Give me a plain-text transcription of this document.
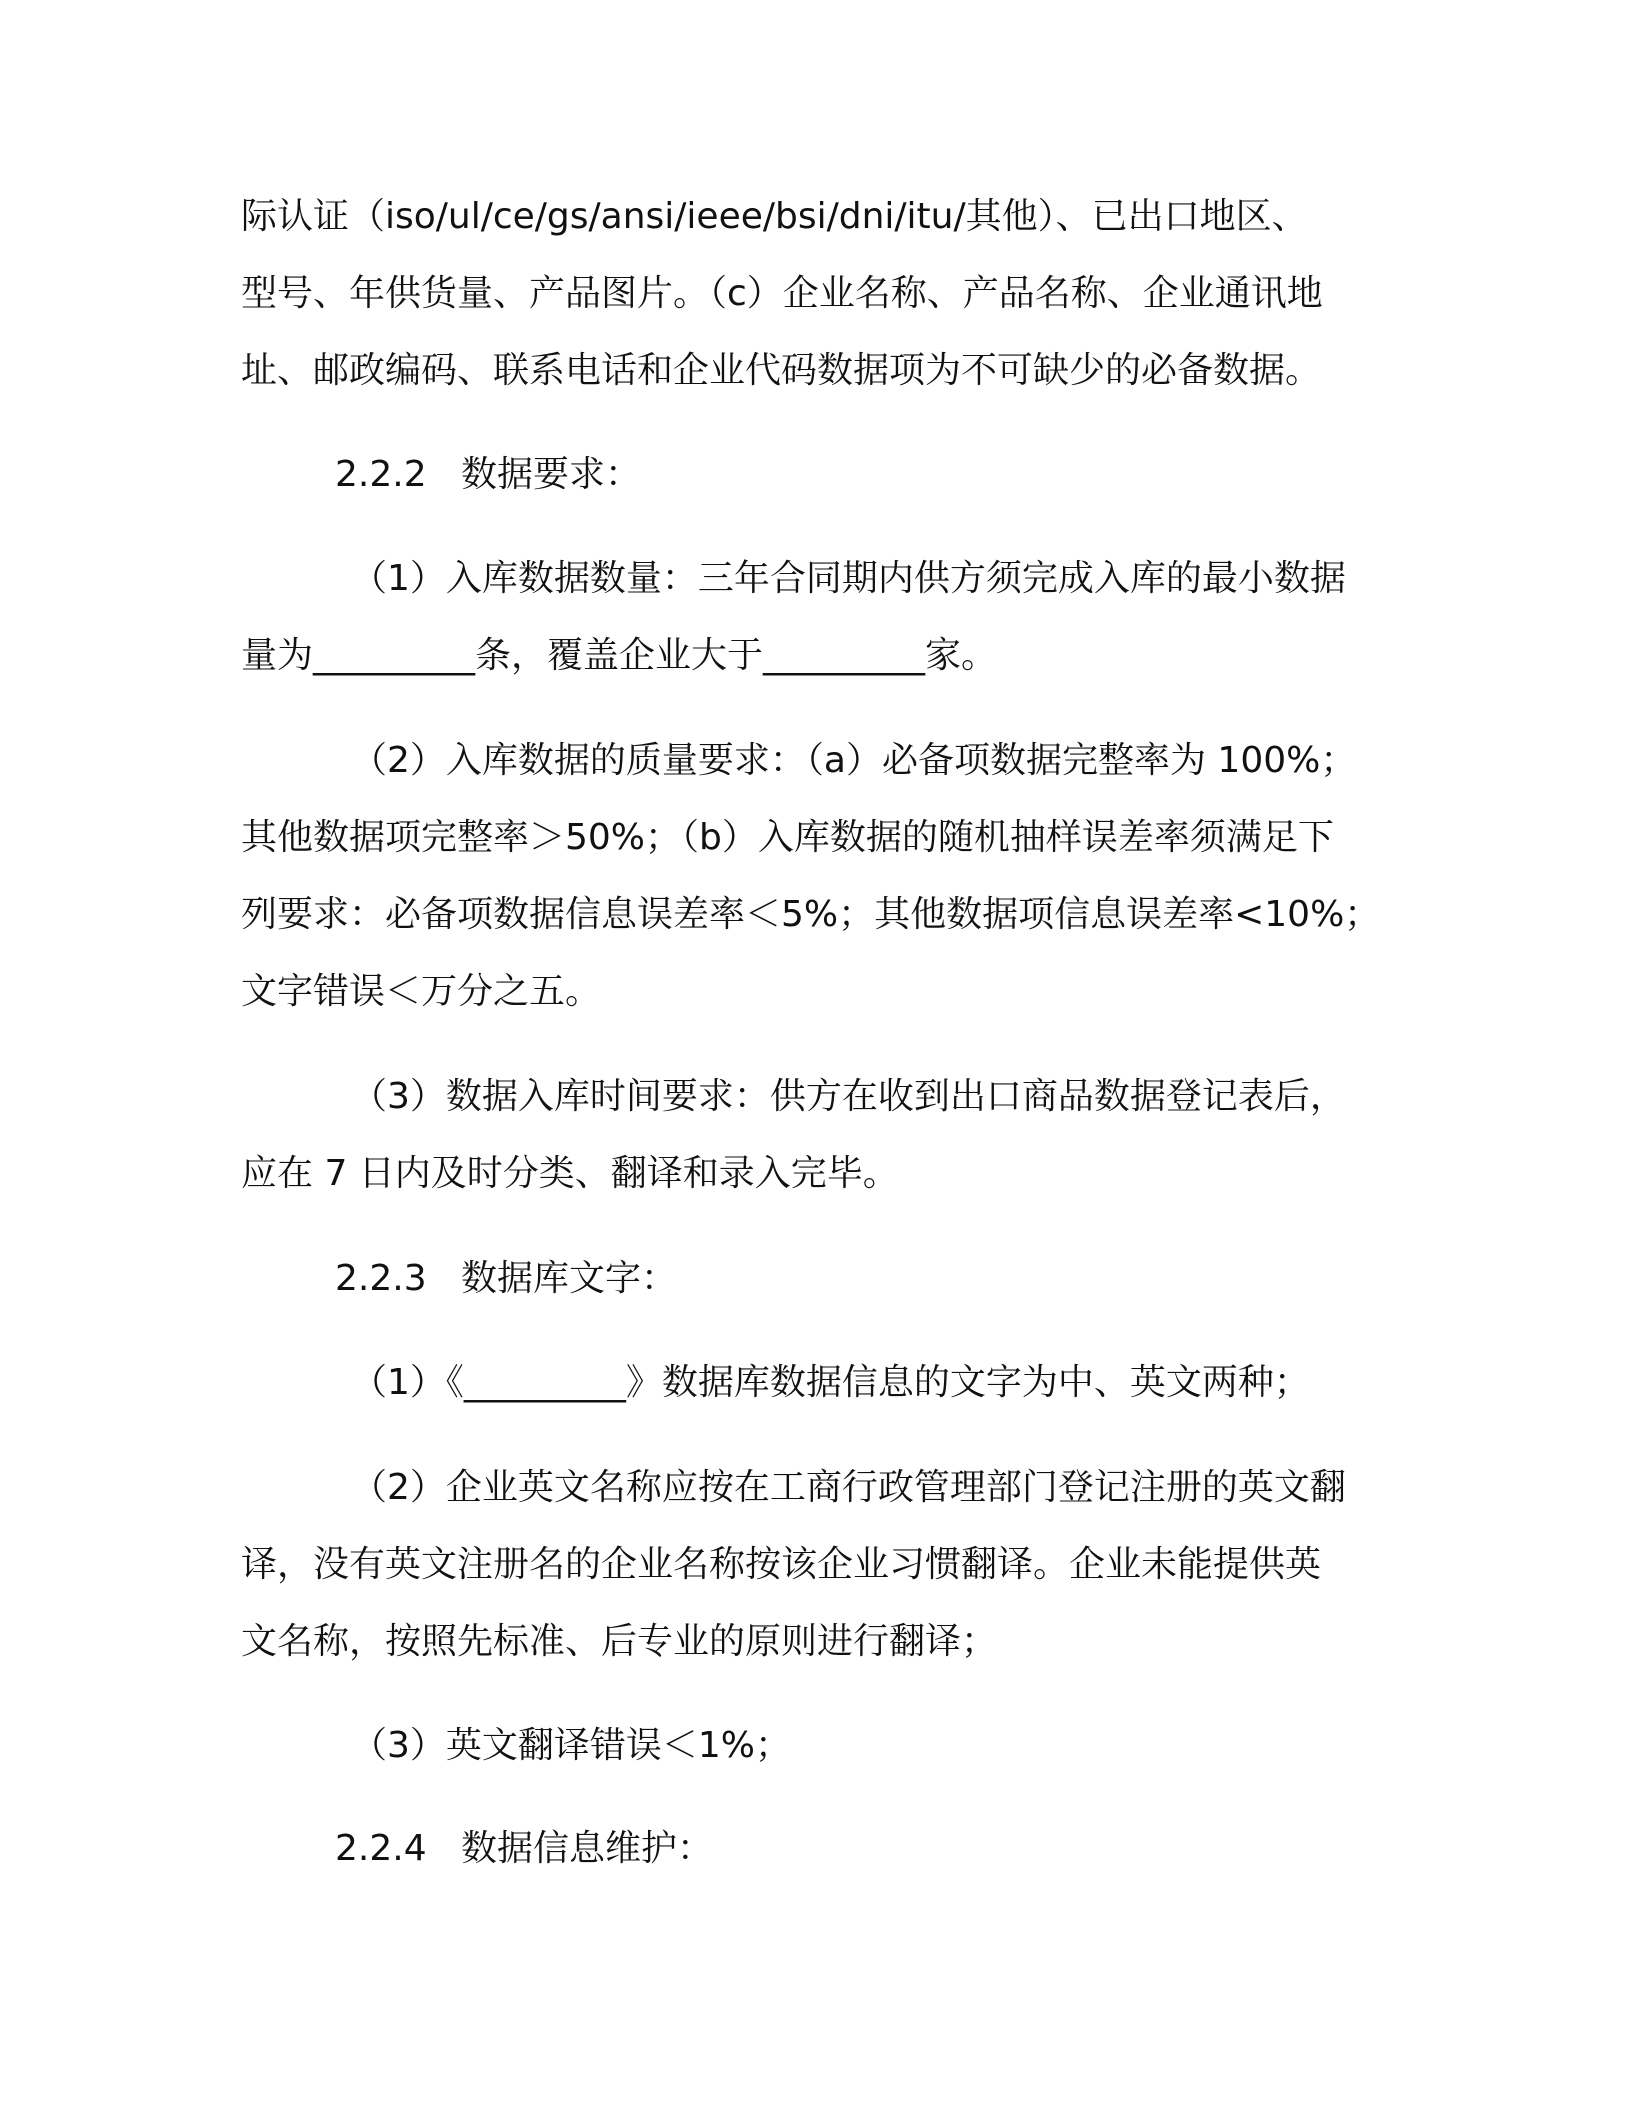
际认证（iso/ul/ce/gs/ansi/ieee/bsi/dni/itu/其他）、已出口地区、
型号、年供货量、产品图片。（c）企业名称、产品名称、企业通讯地
址、邮政编码、联系电话和企业代码数据项为不可缺少的必备数据。
2.2.2 数据要求：
（1）入库数据数量：三年合同期内供方须完成入库的最小数据
量为_________条，覆盖企业大于_________家。
（2）入库数据的质量要求：（a）必备项数据完整率为 100%；
其他数据项完整率＞50%；（b）入库数据的随机抽样误差率须满足下
列要求：必备项数据信息误差率＜5%；其他数据项信息误差率<10%；
文字错误＜万分之五。
（3）数据入库时间要求：供方在收到出口商品数据登记表后，
应在 7 日内及时分类、翻译和录入完毕。
2.2.3 数据库文字：
（1）《_________》数据库数据信息的文字为中、英文两种；
（2）企业英文名称应按在工商行政管理部门登记注册的英文翻
译，没有英文注册名的企业名称按该企业习惯翻译。企业未能提供英
文名称，按照先标准、后专业的原则进行翻译；
（3）英文翻译错误＜1%；
2.2.4 数据信息维护：
